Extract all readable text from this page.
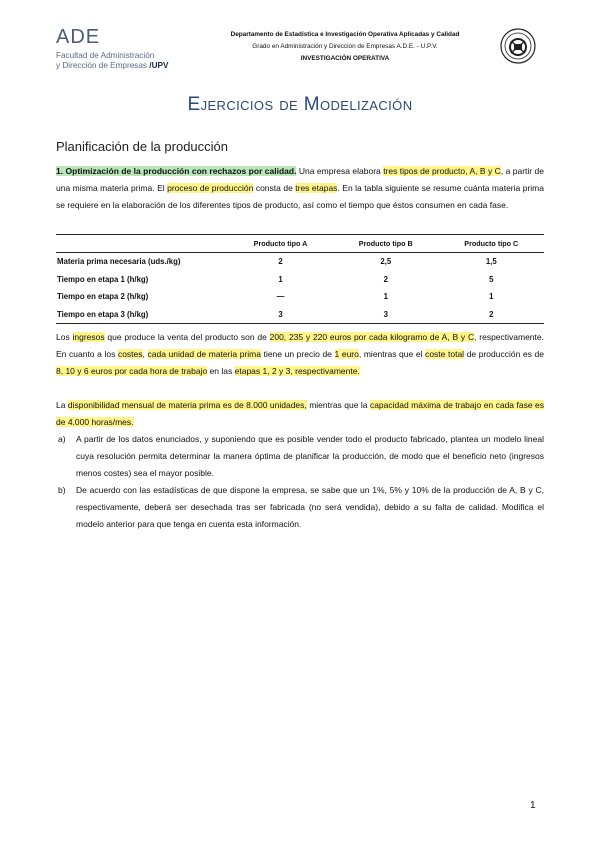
ADE
Facultad de Administración
y Dirección de Empresas /UPV
Departamento de Estadística e Investigación Operativa Aplicadas y Calidad
Grado en Administración y Dirección de Empresas A.D.E. - U.P.V.
INVESTIGACIÓN OPERATIVA
Ejercicios de Modelización
Planificación de la producción
1. Optimización de la producción con rechazos por calidad. Una empresa elabora tres tipos de producto, A, B y C, a partir de una misma materia prima. El proceso de producción consta de tres etapas. En la tabla siguiente se resume cuánta materia prima se requiere en la elaboración de los diferentes tipos de producto, así como el tiempo que éstos consumen en cada fase.
	Producto tipo A	Producto tipo B	Producto tipo C
Materia prima necesaria (uds./kg)	2	2,5	1,5
Tiempo en etapa 1 (h/kg)	1	2	5
Tiempo en etapa 2 (h/kg)	—	1	1
Tiempo en etapa 3 (h/kg)	3	3	2
Los ingresos que produce la venta del producto son de 200, 235 y 220 euros por cada kilogramo de A, B y C, respectivamente. En cuanto a los costes, cada unidad de materia prima tiene un precio de 1 euro, mientras que el coste total de producción es de 8, 10 y 6 euros por cada hora de trabajo en las etapas 1, 2 y 3, respectivamente.
La disponibilidad mensual de materia prima es de 8.000 unidades, mientras que la capacidad máxima de trabajo en cada fase es de 4.000 horas/mes.
a) A partir de los datos enunciados, y suponiendo que es posible vender todo el producto fabricado, plantea un modelo lineal cuya resolución permita determinar la manera óptima de planificar la producción, de modo que el beneficio neto (ingresos menos costes) sea el mayor posible.
b) De acuerdo con las estadísticas de que dispone la empresa, se sabe que un 1%, 5% y 10% de la producción de A, B y C, respectivamente, deberá ser desechada tras ser fabricada (no será vendida), debido a su falta de calidad. Modifica el modelo anterior para que tenga en cuenta esta información.
1
